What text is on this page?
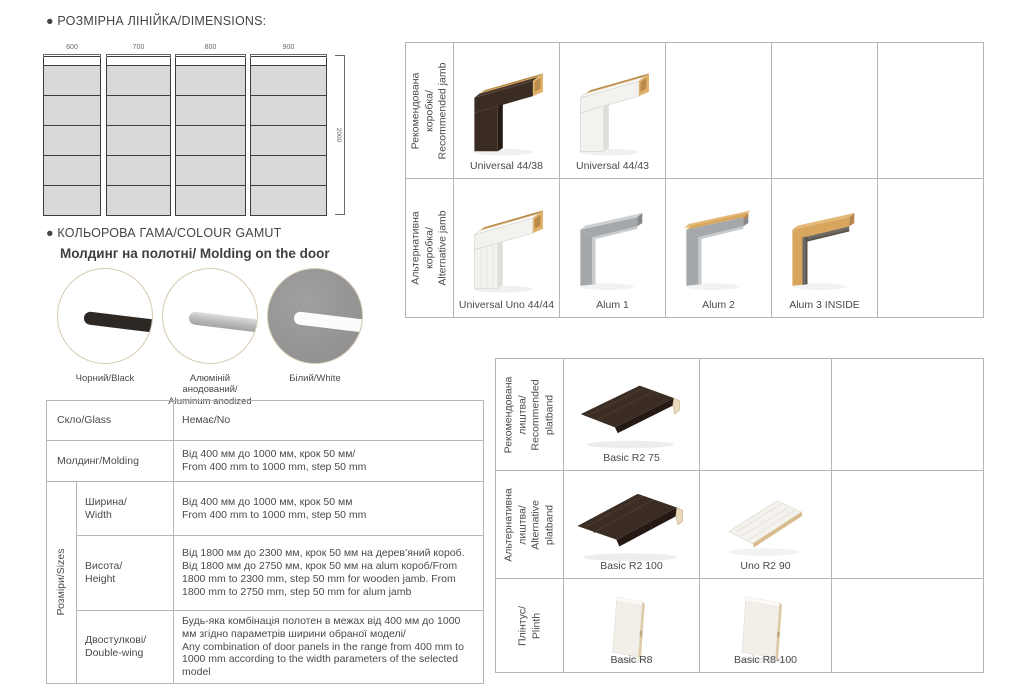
● РОЗМІРНА ЛІНІЙКА/DIMENSIONS:
600	700	800	900
2000
● КОЛЬОРОВА ГАМА/COLOUR GAMUT
Молдинг на полотні/ Molding on the door
Чорний/Black	Алюміній анодований/
Aluminum anodized
Білий/White
Скло/Glass		Немає/No
Молдинг/Molding		Від 400 мм до 1000 мм, крок 50 мм/
From 400 mm to 1000 mm, step 50 mm

Розміри/Sizes	Ширина/
Width	Від 400 мм до 1000 мм, крок 50 мм
From 400 mm to 1000 mm, step 50 mm
	Висота/
Height	Від 1800 мм до 2300 мм, крок 50 мм на дерев’яний короб. Від 1800 мм до 2750 мм, крок 50 мм на alum короб/From 1800 mm to 2300 mm, step 50 mm for wooden jamb. From 1800 mm to 2750 mm, step 50 mm for alum jamb
	Двостулкові/
Double-wing	Будь-яка комбінація полотен в межах від 400 мм до 1000 мм згідно параметрів ширини обраної моделі/
Any combination of door panels in the range from 400 mm to 1000 mm according to the width parameters of the selected model
Рекомендована
коробка/
Recommended jamb	Universal 44/38	Universal 44/43			

Альтернативна
коробка/
Alternative jamb	Universal Uno 44/44	Alum 1	Alum 2	Alum 3 INSIDE	

Рекомендована
лиштва/
Recommended
platband	Basic R2 75		

Альтернативна
лиштва/
Alternative
platband	Basic R2 100	Uno R2 90	

Плінтус/
Plinth	Basic R8	Basic R8-100	
